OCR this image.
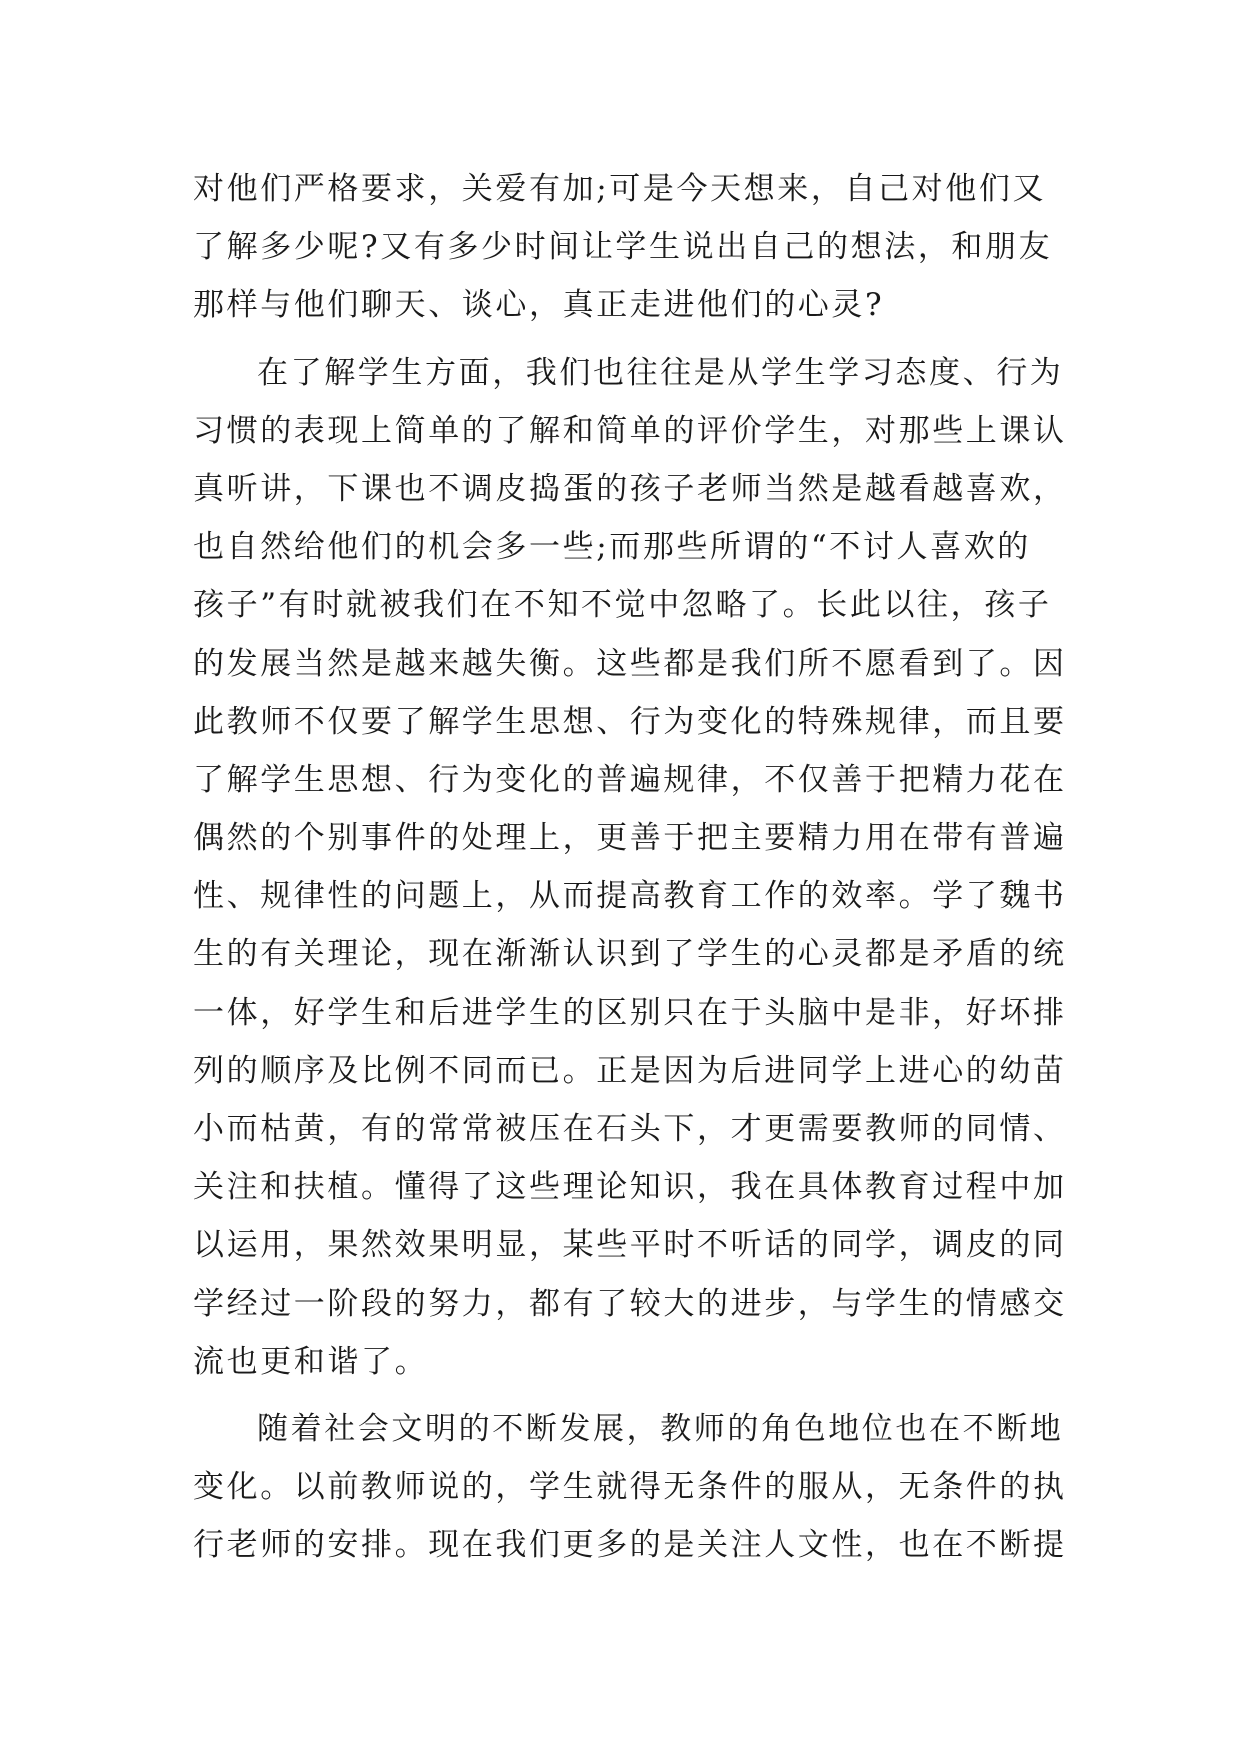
对他们严格要求，关爱有加;可是今天想来，自己对他们又
了解多少呢?又有多少时间让学生说出自己的想法，和朋友
那样与他们聊天、谈心，真正走进他们的心灵?
在了解学生方面，我们也往往是从学生学习态度、行为
习惯的表现上简单的了解和简单的评价学生，对那些上课认
真听讲，下课也不调皮捣蛋的孩子老师当然是越看越喜欢，
也自然给他们的机会多一些;而那些所谓的“不讨人喜欢的
孩子”有时就被我们在不知不觉中忽略了。长此以往，孩子
的发展当然是越来越失衡。这些都是我们所不愿看到了。因
此教师不仅要了解学生思想、行为变化的特殊规律，而且要
了解学生思想、行为变化的普遍规律，不仅善于把精力花在
偶然的个别事件的处理上，更善于把主要精力用在带有普遍
性、规律性的问题上，从而提高教育工作的效率。学了魏书
生的有关理论，现在渐渐认识到了学生的心灵都是矛盾的统
一体，好学生和后进学生的区别只在于头脑中是非，好坏排
列的顺序及比例不同而已。正是因为后进同学上进心的幼苗
小而枯黄，有的常常被压在石头下，才更需要教师的同情、
关注和扶植。懂得了这些理论知识，我在具体教育过程中加
以运用，果然效果明显，某些平时不听话的同学，调皮的同
学经过一阶段的努力，都有了较大的进步，与学生的情感交
流也更和谐了。
随着社会文明的不断发展，教师的角色地位也在不断地
变化。以前教师说的，学生就得无条件的服从，无条件的执
行老师的安排。现在我们更多的是关注人文性，也在不断提
